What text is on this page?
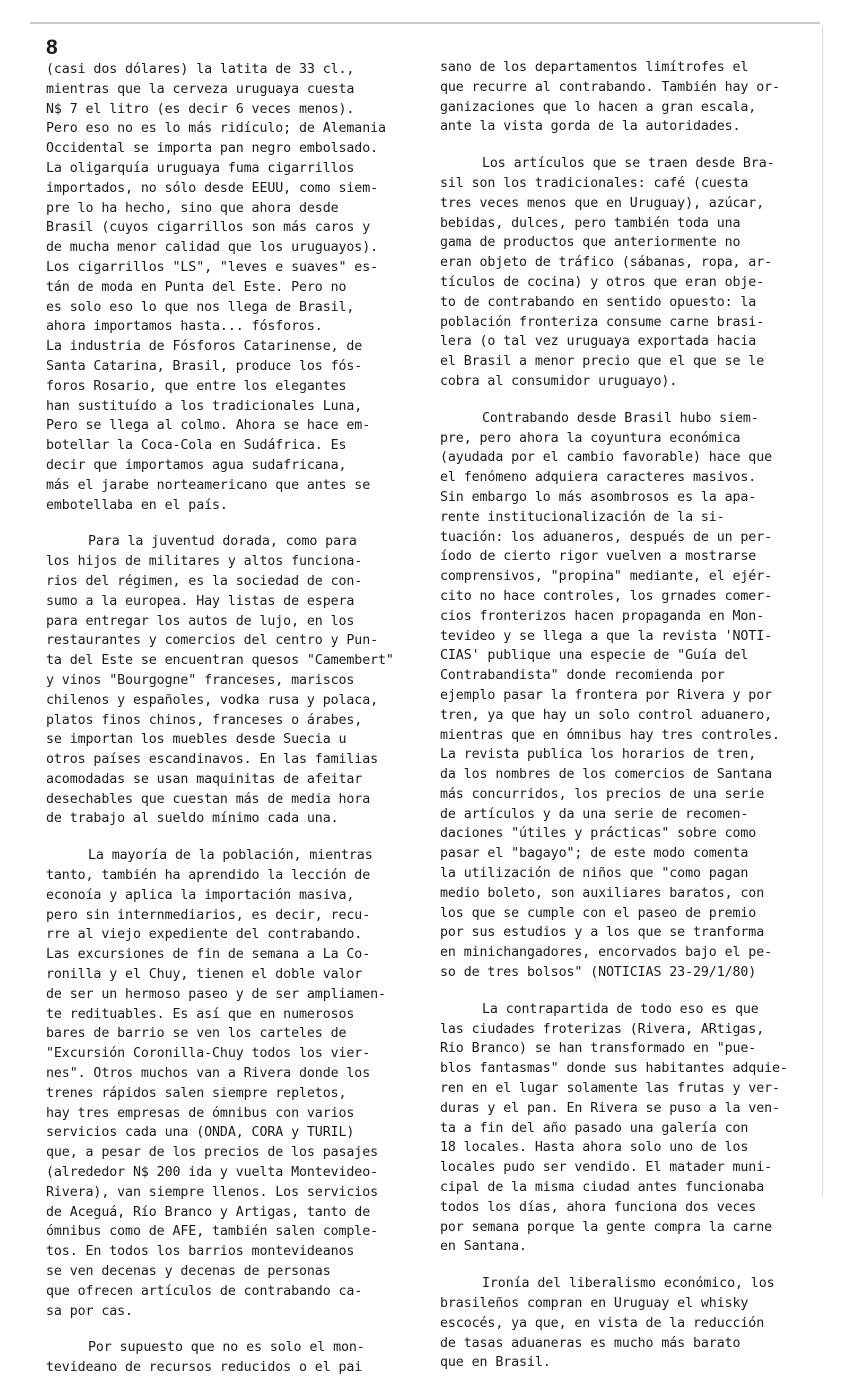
8
(casi dos dólares) la latita de 33 cl.,
mientras que la cerveza uruguaya cuesta
N$ 7 el litro (es decir 6 veces menos).
Pero eso no es lo más ridículo; de Alemania
Occidental se importa pan negro embolsado.
La oligarquía uruguaya fuma cigarrillos
importados, no sólo desde EEUU, como siem-
pre lo ha hecho, sino que ahora desde
Brasil (cuyos cigarrillos son más caros y
de mucha menor calidad que los uruguayos).
Los cigarrillos "LS", "leves e suaves" es-
tán de moda en Punta del Este. Pero no
es solo eso lo que nos llega de Brasil,
ahora importamos hasta... fósforos.
La industria de Fósforos Catarinense, de
Santa Catarina, Brasil, produce los fós-
foros Rosario, que entre los elegantes
han sustituído a los tradicionales Luna,
Pero se llega al colmo. Ahora se hace em-
botellar la Coca-Cola en Sudáfrica. Es
decir que importamos agua sudafricana,
más el jarabe norteamericano que antes se
embotellaba en el país.
Para la juventud dorada, como para
los hijos de militares y altos funciona-
rios del régimen, es la sociedad de con-
sumo a la europea. Hay listas de espera
para entregar los autos de lujo, en los
restaurantes y comercios del centro y Pun-
ta del Este se encuentran quesos "Camembert"
y vinos "Bourgogne" franceses, mariscos
chilenos y españoles, vodka rusa y polaca,
platos finos chinos, franceses o árabes,
se importan los muebles desde Suecia u
otros países escandinavos. En las familias
acomodadas se usan maquinitas de afeitar
desechables que cuestan más de media hora
de trabajo al sueldo mínimo cada una.
La mayoría de la población, mientras
tanto, también ha aprendido la lección de
econoía y aplica la importación masiva,
pero sin internmediarios, es decir, recu-
rre al viejo expediente del contrabando.
Las excursiones de fin de semana a La Co-
ronilla y el Chuy, tienen el doble valor
de ser un hermoso paseo y de ser ampliamen-
te redituables. Es así que en numerosos
bares de barrio se ven los carteles de
"Excursión Coronilla-Chuy todos los vier-
nes". Otros muchos van a Rivera donde los
trenes rápidos salen siempre repletos,
hay tres empresas de ómnibus con varios
servicios cada una (ONDA, CORA y TURIL)
que, a pesar de los precios de los pasajes
(alrededor N$ 200 ida y vuelta Montevideo-
Rivera), van siempre llenos. Los servicios
de Aceguá, Río Branco y Artigas, tanto de
ómnibus como de AFE, también salen comple-
tos. En todos los barrios montevideanos
se ven decenas y decenas de personas
que ofrecen artículos de contrabando ca-
sa por cas.
Por supuesto que no es solo el mon-
tevideano de recursos reducidos o el pai
sano de los departamentos limítrofes el
que recurre al contrabando. También hay or-
ganizaciones que lo hacen a gran escala,
ante la vista gorda de la autoridades.
Los artículos que se traen desde Bra-
sil son los tradicionales: café (cuesta
tres veces menos que en Uruguay), azúcar,
bebidas, dulces, pero también toda una
gama de productos que anteriormente no
eran objeto de tráfico (sábanas, ropa, ar-
tículos de cocina) y otros que eran obje-
to de contrabando en sentido opuesto: la
población fronteriza consume carne brasi-
lera (o tal vez uruguaya exportada hacia
el Brasil a menor precio que el que se le
cobra al consumidor uruguayo).
Contrabando desde Brasil hubo siem-
pre, pero ahora la coyuntura económica
(ayudada por el cambio favorable) hace que
el fenómeno adquiera caracteres masivos.
Sin embargo lo más asombrosos es la apa-
rente institucionalización de la si-
tuación: los aduaneros, después de un per-
íodo de cierto rigor vuelven a mostrarse
comprensivos, "propina" mediante, el ejér-
cito no hace controles, los grnades comer-
cios fronterizos hacen propaganda en Mon-
tevideo y se llega a que la revista 'NOTI-
CIAS' publique una especie de "Guía del
Contrabandista" donde recomienda por
ejemplo pasar la frontera por Rivera y por
tren, ya que hay un solo control aduanero,
mientras que en ómnibus hay tres controles.
La revista publica los horarios de tren,
da los nombres de los comercios de Santana
más concurridos, los precios de una serie
de artículos y da una serie de recomen-
daciones "útiles y prácticas" sobre como
pasar el "bagayo"; de este modo comenta
la utilización de niños que "como pagan
medio boleto, son auxiliares baratos, con
los que se cumple con el paseo de premio
por sus estudios y a los que se tranforma
en minichangadores, encorvados bajo el pe-
so de tres bolsos" (NOTICIAS 23-29/1/80)
La contrapartida de todo eso es que
las ciudades froterizas (Rivera, ARtigas,
Rio Branco) se han transformado en "pue-
blos fantasmas" donde sus habitantes adquie-
ren en el lugar solamente las frutas y ver-
duras y el pan. En Rivera se puso a la ven-
ta a fin del año pasado una galería con
18 locales. Hasta ahora solo uno de los
locales pudo ser vendido. El matader muni-
cipal de la misma ciudad antes funcionaba
todos los días, ahora funciona dos veces
por semana porque la gente compra la carne
en Santana.
Ironía del liberalismo económico, los
brasileños compran en Uruguay el whisky
escocés, ya que, en vista de la reducción
de tasas aduaneras es mucho más barato
que en Brasil.
